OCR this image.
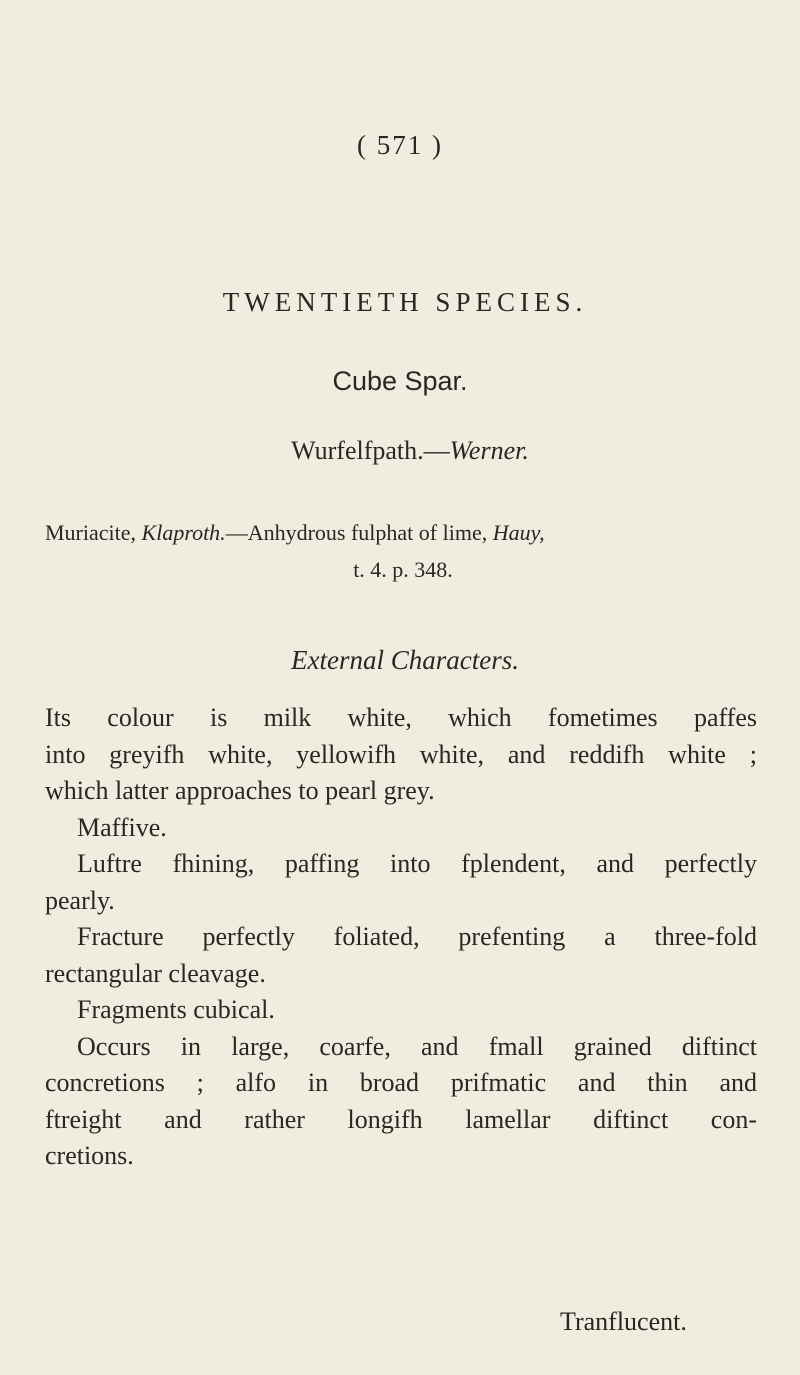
( 571 )
TWENTIETH SPECIES.
Cube Spar.
Wurfelfpath.—Werner.
Muriacite, Klaproth.—Anhydrous fulphat of lime, Hauy,
t. 4. p. 348.
External Characters.
Its colour is milk white, which fometimes paffes
into greyifh white, yellowifh white, and reddifh white ;
which latter approaches to pearl grey.
Maffive.
Luftre fhining, paffing into fplendent, and perfectly
pearly.
Fracture perfectly foliated, prefenting a three-fold
rectangular cleavage.
Fragments cubical.
Occurs in large, coarfe, and fmall grained diftinct
concretions ; alfo in broad prifmatic and thin and
ftreight and rather longifh lamellar diftinct con-
cretions.
Tranflucent.
